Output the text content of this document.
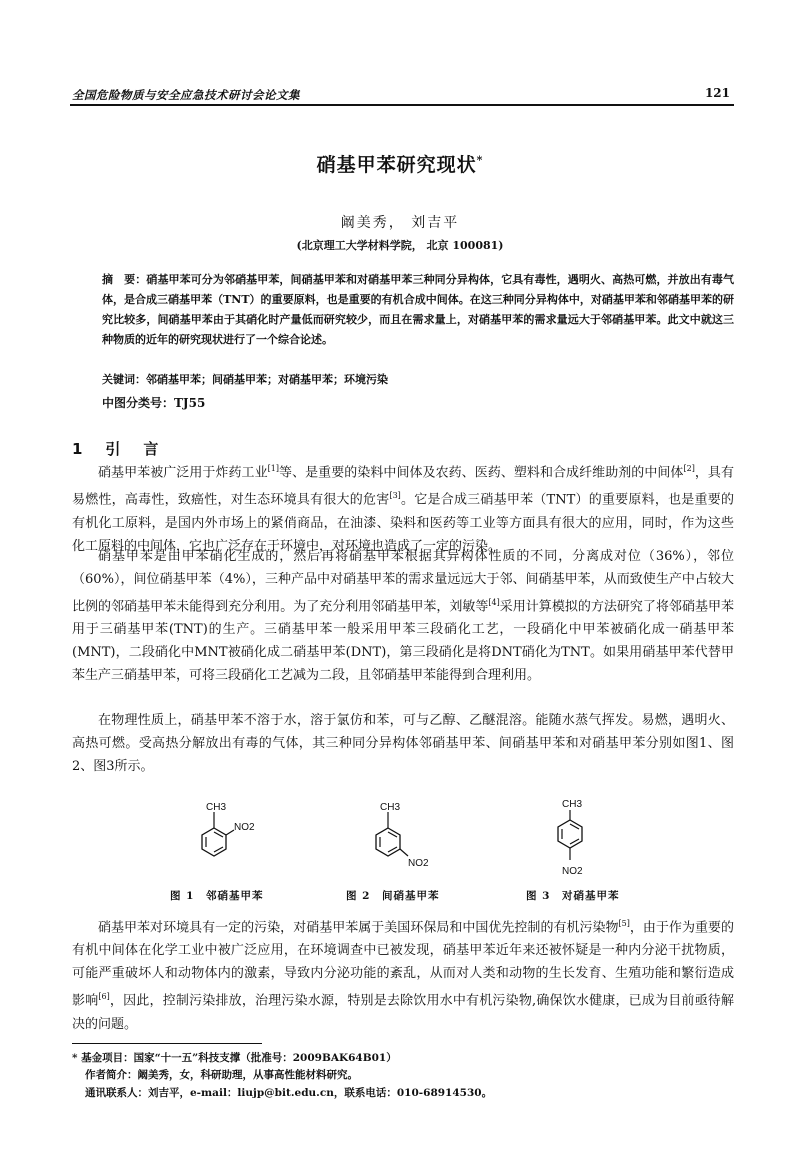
全国危险物质与安全应急技术研讨会论文集	121
硝基甲苯研究现状*
阚美秀， 刘吉平
(北京理工大学材料学院， 北京 100081)

摘　要：硝基甲苯可分为邻硝基甲苯，间硝基甲苯和对硝基甲苯三种同分异构体，它具有毒性，遇明火、高热可燃，并放出有毒气体，是合成三硝基甲苯（TNT）的重要原料，也是重要的有机合成中间体。在这三种同分异构体中，对硝基甲苯和邻硝基甲苯的研究比较多，间硝基甲苯由于其硝化时产量低而研究较少，而且在需求量上，对硝基甲苯的需求量远大于邻硝基甲苯。此文中就这三种物质的近年的研究现状进行了一个综合论述。

关键词：邻硝基甲苯；间硝基甲苯；对硝基甲苯；环境污染
中图分类号：TJ55
1　引　言

硝基甲苯被广泛用于炸药工业[1]等、是重要的染料中间体及农药、医药、塑料和合成纤维助剂的中间体[2]，具有易燃性，高毒性，致癌性，对生态环境具有很大的危害[3]。它是合成三硝基甲苯（TNT）的重要原料，也是重要的有机化工原料，是国内外市场上的紧俏商品，在油漆、染料和医药等工业等方面具有很大的应用，同时，作为这些化工原料的中间体，它也广泛存在于环境中，对环境也造成了一定的污染。

硝基甲苯是由甲苯硝化生成的，然后再将硝基甲苯根据其异构体性质的不同，分离成对位（36%），邻位（60%），间位硝基甲苯（4%），三种产品中对硝基甲苯的需求量远远大于邻、间硝基甲苯，从而致使生产中占较大比例的邻硝基甲苯未能得到充分利用。为了充分利用邻硝基甲苯，刘敏等[4]采用计算模拟的方法研究了将邻硝基甲苯用于三硝基甲苯(TNT)的生产。三硝基甲苯一般采用甲苯三段硝化工艺，一段硝化中甲苯被硝化成一硝基甲苯(MNT)，二段硝化中MNT被硝化成二硝基甲苯(DNT)，第三段硝化是将DNT硝化为TNT。如果用硝基甲苯代替甲苯生产三硝基甲苯，可将三段硝化工艺减为二段，且邻硝基甲苯能得到合理利用。

在物理性质上，硝基甲苯不溶于水，溶于氯仿和苯，可与乙醇、乙醚混溶。能随水蒸气挥发。易燃，遇明火、高热可燃。受高热分解放出有毒的气体，其三种同分异构体邻硝基甲苯、间硝基甲苯和对硝基甲苯分别如图1、图2、图3所示。

CH3
NO2
CH3
NO2
CH3
NO2
图 1　邻硝基甲苯	图 2　间硝基甲苯	图 3　对硝基甲苯

硝基甲苯对环境具有一定的污染，对硝基甲苯属于美国环保局和中国优先控制的有机污染物[5]，由于作为重要的有机中间体在化学工业中被广泛应用，在环境调查中已被发现，硝基甲苯近年来还被怀疑是一种内分泌干扰物质，可能严重破坏人和动物体内的激素，导致内分泌功能的紊乱，从而对人类和动物的生长发育、生殖功能和繁衍造成影响[6]，因此，控制污染排放，治理污染水源，特别是去除饮用水中有机污染物,确保饮水健康，已成为目前亟待解决的问题。

* 基金项目：国家“十一五”科技支撑（批准号：2009BAK64B01）
作者简介：阚美秀，女，科研助理，从事高性能材料研究。
通讯联系人：刘吉平，e-mail：liujp@bit.edu.cn，联系电话：010-68914530。
